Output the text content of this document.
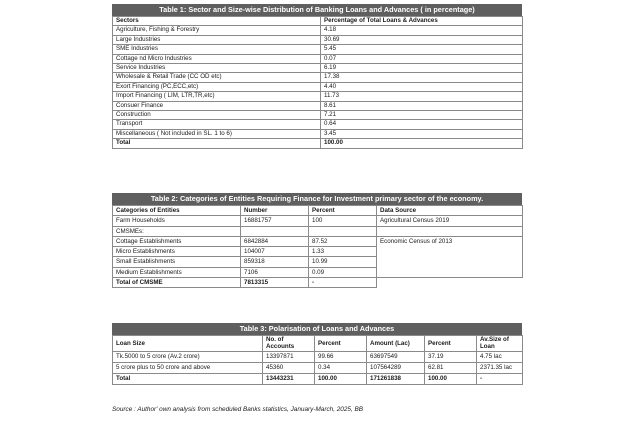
Table 1: Sector and Size-wise Distribution of Banking Loans and Advances ( in percentage)
Sectors	Percentage of Total Loans & Advances
Agriculture, Fishing & Forestry	4.18
Large Industries	30.69
SME Industries	5.45
Cottage nd Micro Industries	0.07
Service Industries	6.19
Wholesale & Retail Trade (CC OD etc)	17.38
Exort Financing (PC,ECC,etc)	4.40
Import Financing ( LIM, LTR,TR,etc)	11.73
Consuer Finance	8.61
Construction	7.21
Transport	0.64
Miscellaneous ( Not included in SL. 1 to 6)	3.45
Total	100.00
Table 2: Categories of Entities Requiring Finance for Investment primary sector of the economy.
Categories of Entities	Number	Percent	Data Source
Farm Households	16881757	100	Agricultural Census 2019
CMSMEs:			
Cottage Establishments	6842884	87.52	Economic Census of 2013
Micro Establishments	104007	1.33	
Small Establishments	859318	10.99	
Medium Establishments	7106	0.09	
Total of CMSME	7813315	-	
Table 3: Polarisation of Loans and Advances
Loan Size	No. of Accounts	Percent	Amount (Lac)	Percent	Av.Size of Loan
Tk.5000 to 5 crore (Av.2 crore)	13397871	99.66	63697549	37.19	4.75 lac
5 crore plus to 50 crore and above	45360	0.34	107564289	62.81	2371.35 lac
Total	13443231	100.00	171261838	100.00	-
Source : Author' own analysis from scheduled Banks statistics, January-March, 2025, BB
